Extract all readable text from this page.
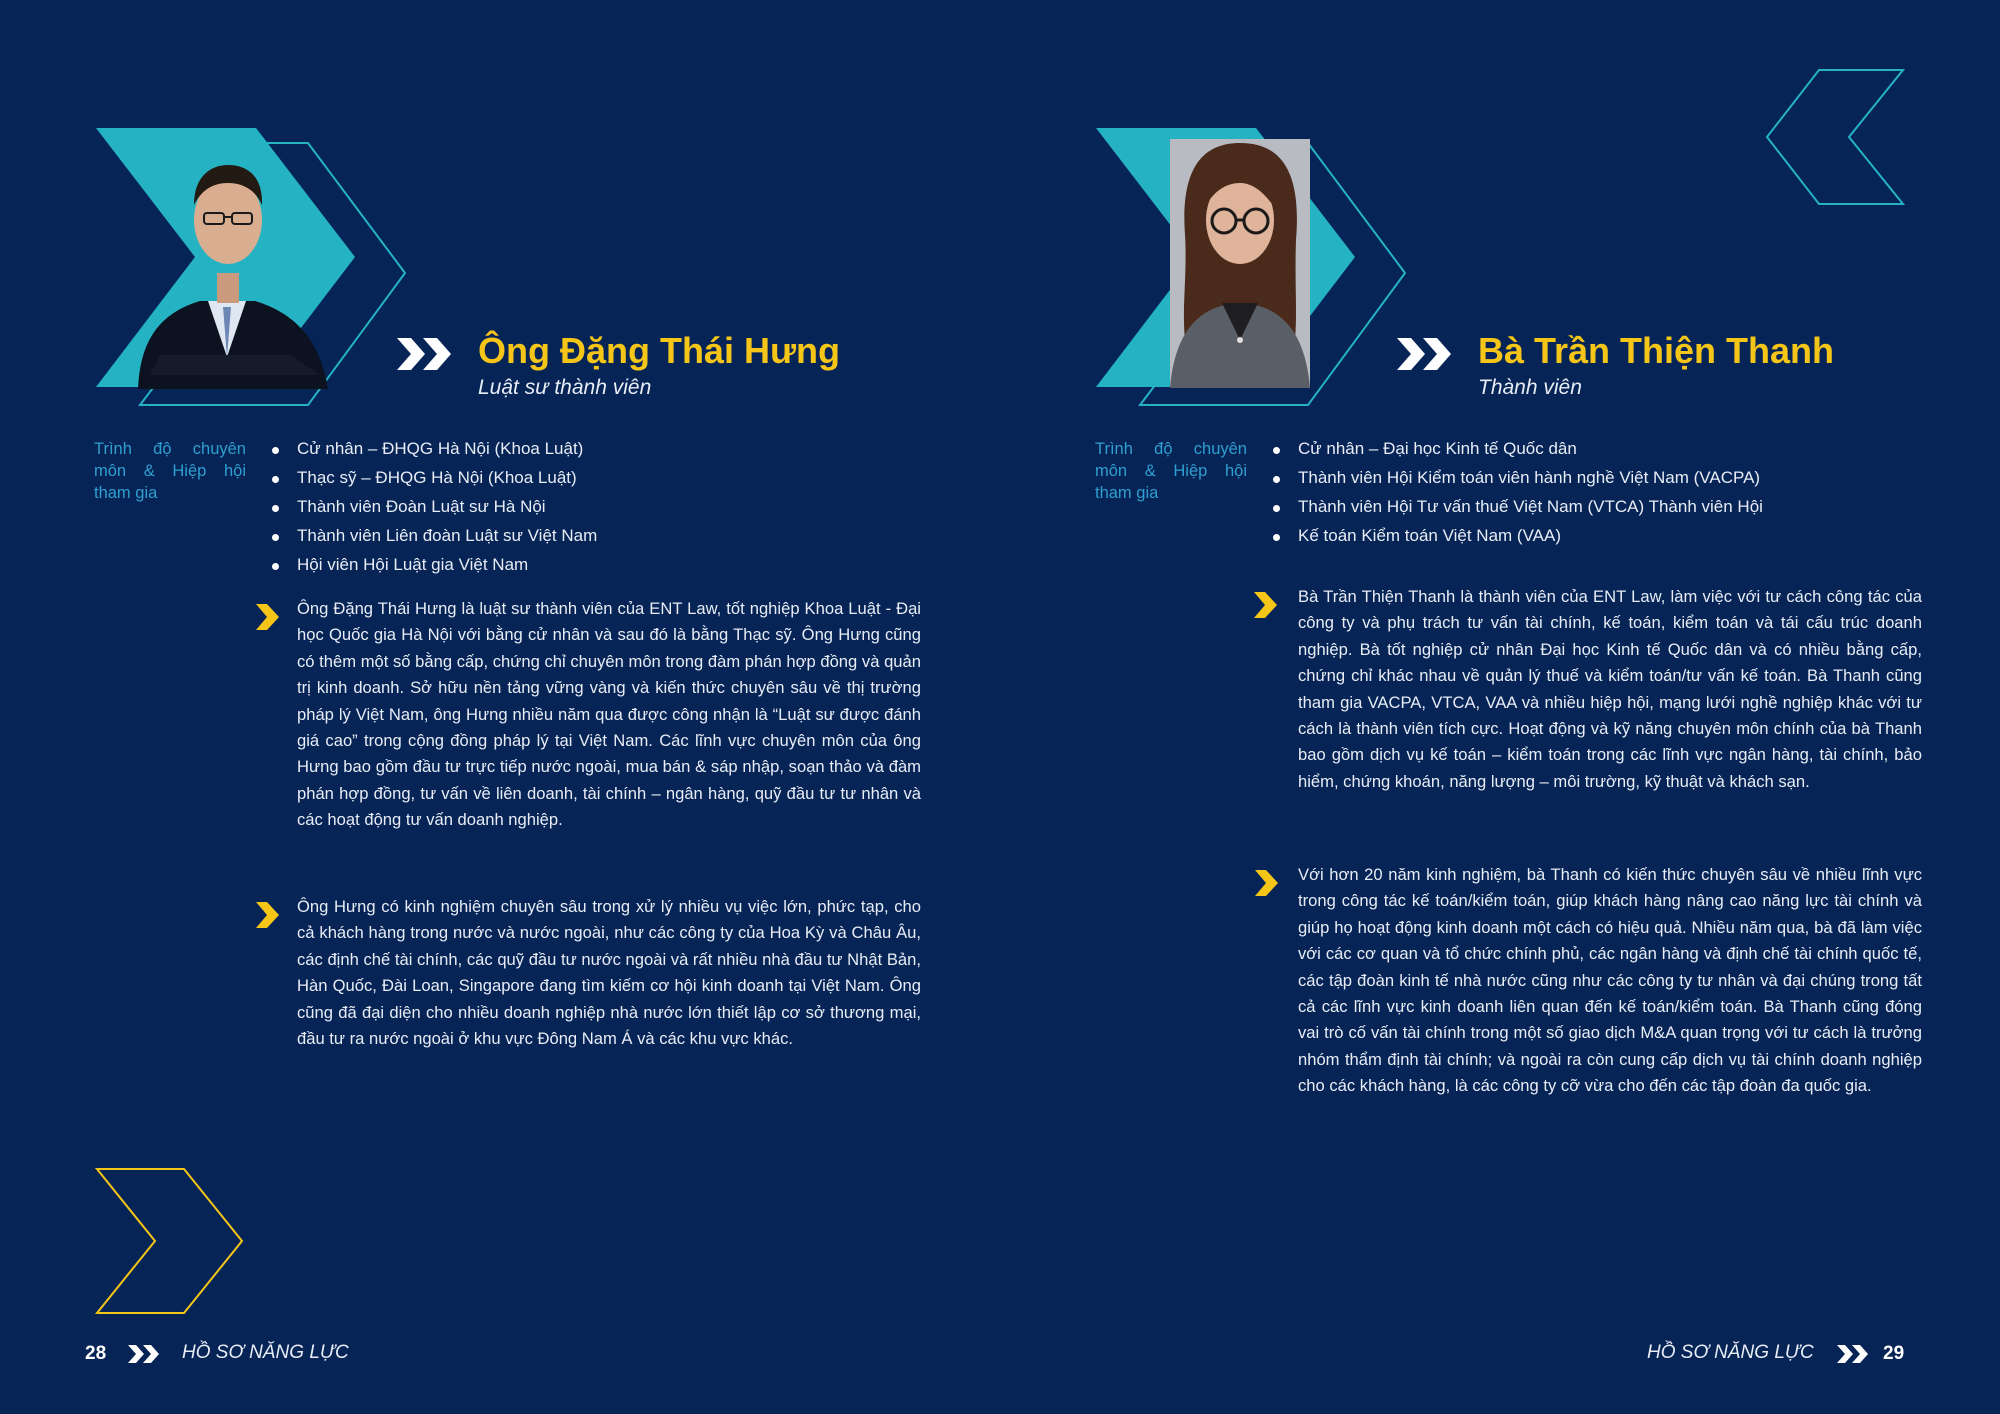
Ông Đặng Thái Hưng
Luật sư thành viên
Trình độ chuyên môn & Hiệp hội tham gia
Cử nhân – ĐHQG Hà Nội (Khoa Luật)
Thạc sỹ – ĐHQG Hà Nội (Khoa Luật)
Thành viên Đoàn Luật sư Hà Nội
Thành viên Liên đoàn Luật sư Việt Nam
Hội viên Hội Luật gia Việt Nam

Ông Đặng Thái Hưng là luật sư thành viên của ENT Law, tốt nghiệp Khoa Luật - Đại học Quốc gia Hà Nội với bằng cử nhân và sau đó là bằng Thạc sỹ. Ông Hưng cũng có thêm một số bằng cấp, chứng chỉ chuyên môn trong đàm phán hợp đồng và quản trị kinh doanh. Sở hữu nền tảng vững vàng và kiến thức chuyên sâu về thị trường pháp lý Việt Nam, ông Hưng nhiều năm qua được công nhận là “Luật sư được đánh giá cao” trong cộng đồng pháp lý tại Việt Nam. Các lĩnh vực chuyên môn của ông Hưng bao gồm đầu tư trực tiếp nước ngoài, mua bán & sáp nhập, soạn thảo và đàm phán hợp đồng, tư vấn về liên doanh, tài chính – ngân hàng, quỹ đầu tư tư nhân và các hoạt động tư vấn doanh nghiệp.

Ông Hưng có kinh nghiệm chuyên sâu trong xử lý nhiều vụ việc lớn, phức tạp, cho cả khách hàng trong nước và nước ngoài, như các công ty của Hoa Kỳ và Châu Âu, các định chế tài chính, các quỹ đầu tư nước ngoài và rất nhiều nhà đầu tư Nhật Bản, Hàn Quốc, Đài Loan, Singapore đang tìm kiếm cơ hội kinh doanh tại Việt Nam. Ông cũng đã đại diện cho nhiều doanh nghiệp nhà nước lớn thiết lập cơ sở thương mại, đầu tư ra nước ngoài ở khu vực Đông Nam Á và các khu vực khác.

28	HỒ SƠ NĂNG LỰC
Bà Trần Thiện Thanh
Thành viên
Trình độ chuyên môn & Hiệp hội tham gia
Cử nhân – Đại học Kinh tế Quốc dân
Thành viên Hội Kiểm toán viên hành nghề Việt Nam (VACPA)
Thành viên Hội Tư vấn thuế Việt Nam (VTCA) Thành viên Hội
Kế toán Kiểm toán Việt Nam (VAA)

Bà Trần Thiện Thanh là thành viên của ENT Law, làm việc với tư cách công tác của công ty và phụ trách tư vấn tài chính, kế toán, kiểm toán và tái cấu trúc doanh nghiệp. Bà tốt nghiệp cử nhân Đại học Kinh tế Quốc dân và có nhiều bằng cấp, chứng chỉ khác nhau về quản lý thuế và kiểm toán/tư vấn kế toán. Bà Thanh cũng tham gia VACPA, VTCA, VAA và nhiều hiệp hội, mạng lưới nghề nghiệp khác với tư cách là thành viên tích cực. Hoạt động và kỹ năng chuyên môn chính của bà Thanh bao gồm dịch vụ kế toán – kiểm toán trong các lĩnh vực ngân hàng, tài chính, bảo hiểm, chứng khoán, năng lượng – môi trường, kỹ thuật và khách sạn.

Với hơn 20 năm kinh nghiệm, bà Thanh có kiến thức chuyên sâu về nhiều lĩnh vực trong công tác kế toán/kiểm toán, giúp khách hàng nâng cao năng lực tài chính và giúp họ hoạt động kinh doanh một cách có hiệu quả. Nhiều năm qua, bà đã làm việc với các cơ quan và tổ chức chính phủ, các ngân hàng và định chế tài chính quốc tế, các tập đoàn kinh tế nhà nước cũng như các công ty tư nhân và đại chúng trong tất cả các lĩnh vực kinh doanh liên quan đến kế toán/kiểm toán. Bà Thanh cũng đóng vai trò cố vấn tài chính trong một số giao dịch M&A quan trọng với tư cách là trưởng nhóm thẩm định tài chính; và ngoài ra còn cung cấp dịch vụ tài chính doanh nghiệp cho các khách hàng, là các công ty cỡ vừa cho đến các tập đoàn đa quốc gia.

HỒ SƠ NĂNG LỰC	29
